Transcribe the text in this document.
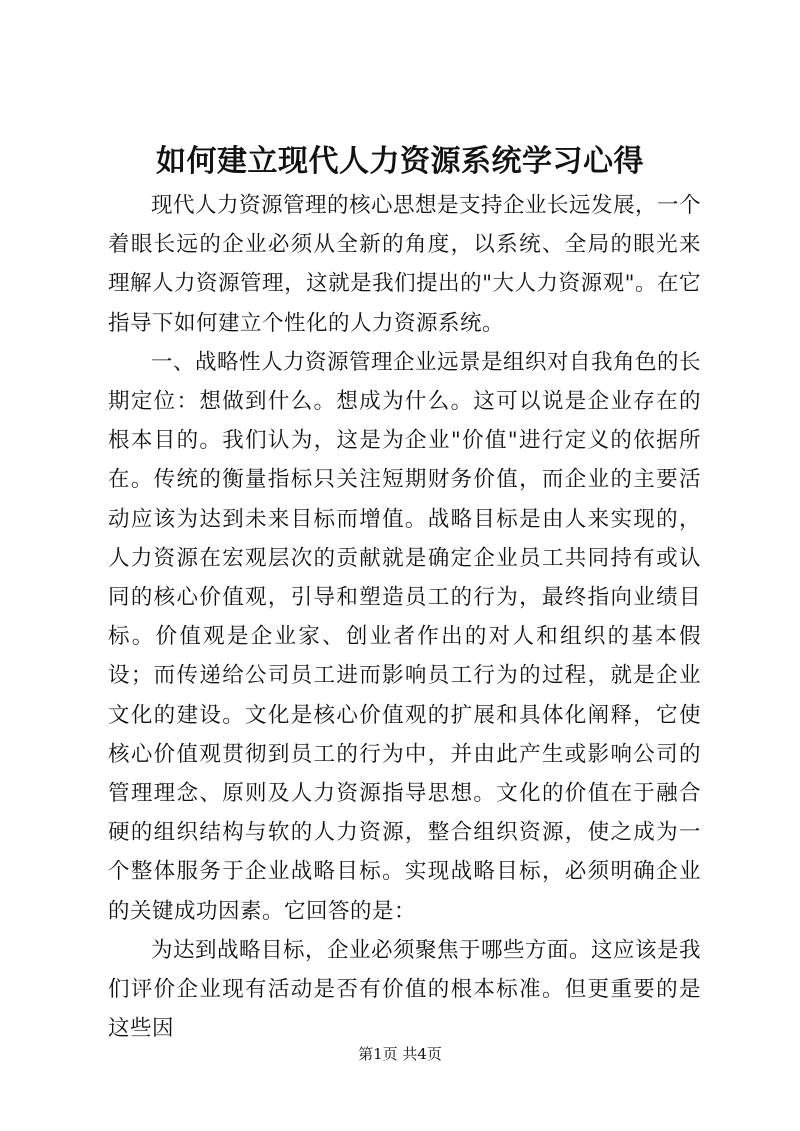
如何建立现代人力资源系统学习心得

现代人力资源管理的核心思想是支持企业长远发展，一个着眼长远的企业必须从全新的角度，以系统、全局的眼光来理解人力资源管理，这就是我们提出的"大人力资源观"。在它指导下如何建立个性化的人力资源系统。

一、战略性人力资源管理企业远景是组织对自我角色的长期定位：想做到什么。想成为什么。这可以说是企业存在的根本目的。我们认为，这是为企业"价值"进行定义的依据所在。传统的衡量指标只关注短期财务价值，而企业的主要活动应该为达到未来目标而增值。战略目标是由人来实现的，人力资源在宏观层次的贡献就是确定企业员工共同持有或认同的核心价值观，引导和塑造员工的行为，最终指向业绩目标。价值观是企业家、创业者作出的对人和组织的基本假设；而传递给公司员工进而影响员工行为的过程，就是企业文化的建设。文化是核心价值观的扩展和具体化阐释，它使核心价值观贯彻到员工的行为中，并由此产生或影响公司的管理理念、原则及人力资源指导思想。文化的价值在于融合硬的组织结构与软的人力资源，整合组织资源，使之成为一个整体服务于企业战略目标。实现战略目标，必须明确企业的关键成功因素。它回答的是：

为达到战略目标，企业必须聚焦于哪些方面。这应该是我们评价企业现有活动是否有价值的根本标准。但更重要的是这些因

第1页 共4页
